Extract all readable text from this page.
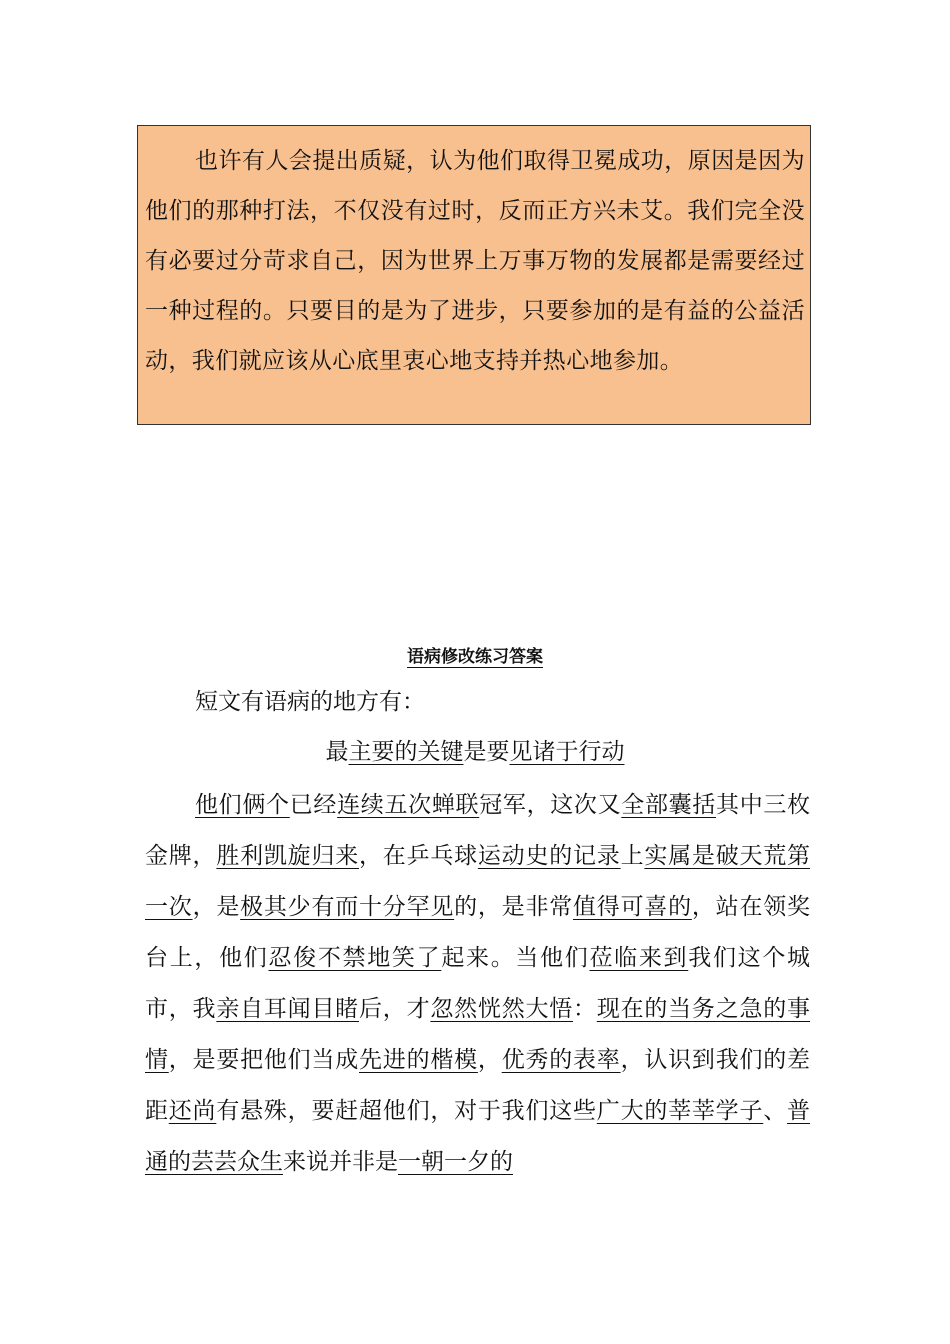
也许有人会提出质疑，认为他们取得卫冕成功，原因是因为他们的那种打法，不仅没有过时，反而正方兴未艾。我们完全没有必要过分苛求自己，因为世界上万事万物的发展都是需要经过一种过程的。只要目的是为了进步，只要参加的是有益的公益活动，我们就应该从心底里衷心地支持并热心地参加。

语病修改练习答案
短文有语病的地方有：
最主要的关键是要见诸于行动

他们俩个已经连续五次蝉联冠军，这次又全部囊括其中三枚金牌，胜利凯旋归来，在乒乓球运动史的记录上实属是破天荒第一次，是极其少有而十分罕见的，是非常值得可喜的，站在领奖台上，他们忍俊不禁地笑了起来。当他们莅临来到我们这个城市，我亲自耳闻目睹后，才忽然恍然大悟：现在的当务之急的事情，是要把他们当成先进的楷模，优秀的表率，认识到我们的差距还尚有悬殊，要赶超他们，对于我们这些广大的莘莘学子、普通的芸芸众生来说并非是一朝一夕的
